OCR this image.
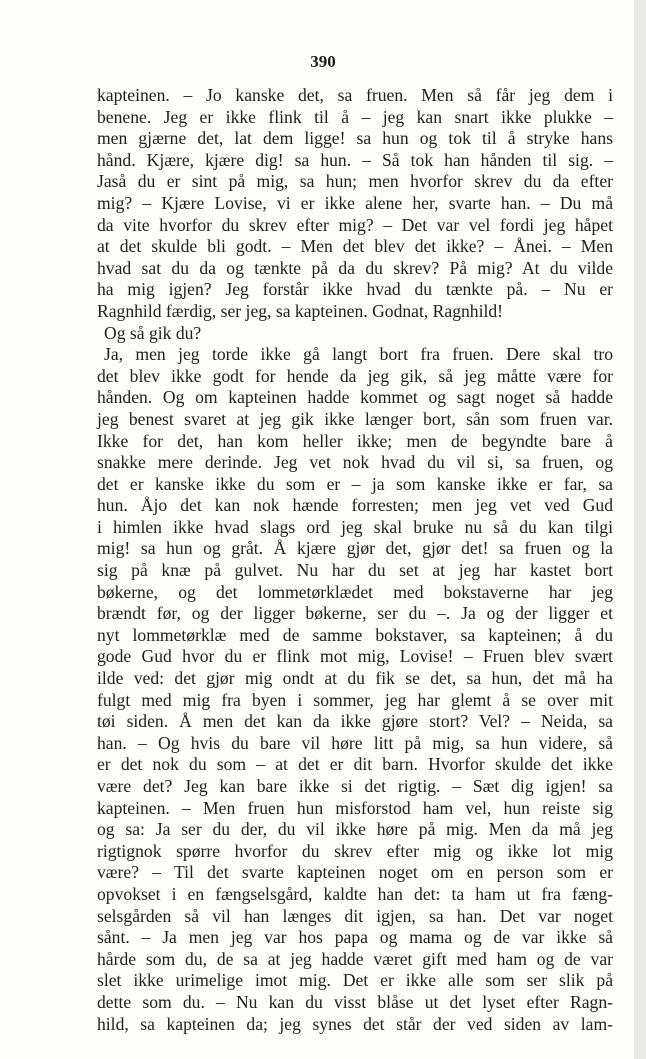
390
kapteinen. – Jo kanske det, sa fruen. Men så får jeg dem i
benene. Jeg er ikke flink til å – jeg kan snart ikke plukke –
men gjærne det, lat dem ligge! sa hun og tok til å stryke hans
hånd. Kjære, kjære dig! sa hun. – Så tok han hånden til sig. –
Jaså du er sint på mig, sa hun; men hvorfor skrev du da efter
mig? – Kjære Lovise, vi er ikke alene her, svarte han. – Du må
da vite hvorfor du skrev efter mig? – Det var vel fordi jeg håpet
at det skulde bli godt. – Men det blev det ikke? – Ånei. – Men
hvad sat du da og tænkte på da du skrev? På mig? At du vilde
ha mig igjen? Jeg forstår ikke hvad du tænkte på. – Nu er
Ragnhild færdig, ser jeg, sa kapteinen. Godnat, Ragnhild!
Og så gik du?
Ja, men jeg torde ikke gå langt bort fra fruen. Dere skal tro
det blev ikke godt for hende da jeg gik, så jeg måtte være for
hånden. Og om kapteinen hadde kommet og sagt noget så hadde
jeg benest svaret at jeg gik ikke længer bort, sån som fruen var.
Ikke for det, han kom heller ikke; men de begyndte bare å
snakke mere derinde. Jeg vet nok hvad du vil si, sa fruen, og
det er kanske ikke du som er – ja som kanske ikke er far, sa
hun. Åjo det kan nok hænde forresten; men jeg vet ved Gud
i himlen ikke hvad slags ord jeg skal bruke nu så du kan tilgi
mig! sa hun og gråt. Å kjære gjør det, gjør det! sa fruen og la
sig på knæ på gulvet. Nu har du set at jeg har kastet bort
bøkerne, og det lommetørklædet med bokstaverne har jeg
brændt før, og der ligger bøkerne, ser du –. Ja og der ligger et
nyt lommetørklæ med de samme bokstaver, sa kapteinen; å du
gode Gud hvor du er flink mot mig, Lovise! – Fruen blev svært
ilde ved: det gjør mig ondt at du fik se det, sa hun, det må ha
fulgt med mig fra byen i sommer, jeg har glemt å se over mit
tøi siden. Å men det kan da ikke gjøre stort? Vel? – Neida, sa
han. – Og hvis du bare vil høre litt på mig, sa hun videre, så
er det nok du som – at det er dit barn. Hvorfor skulde det ikke
være det? Jeg kan bare ikke si det rigtig. – Sæt dig igjen! sa
kapteinen. – Men fruen hun misforstod ham vel, hun reiste sig
og sa: Ja ser du der, du vil ikke høre på mig. Men da må jeg
rigtignok spørre hvorfor du skrev efter mig og ikke lot mig
være? – Til det svarte kapteinen noget om en person som er
opvokset i en fængselsgård, kaldte han det: ta ham ut fra fæng-
selsgården så vil han længes dit igjen, sa han. Det var noget
sånt. – Ja men jeg var hos papa og mama og de var ikke så
hårde som du, de sa at jeg hadde været gift med ham og de var
slet ikke urimelige imot mig. Det er ikke alle som ser slik på
dette som du. – Nu kan du visst blåse ut det lyset efter Ragn-
hild, sa kapteinen da; jeg synes det står der ved siden av lam-
